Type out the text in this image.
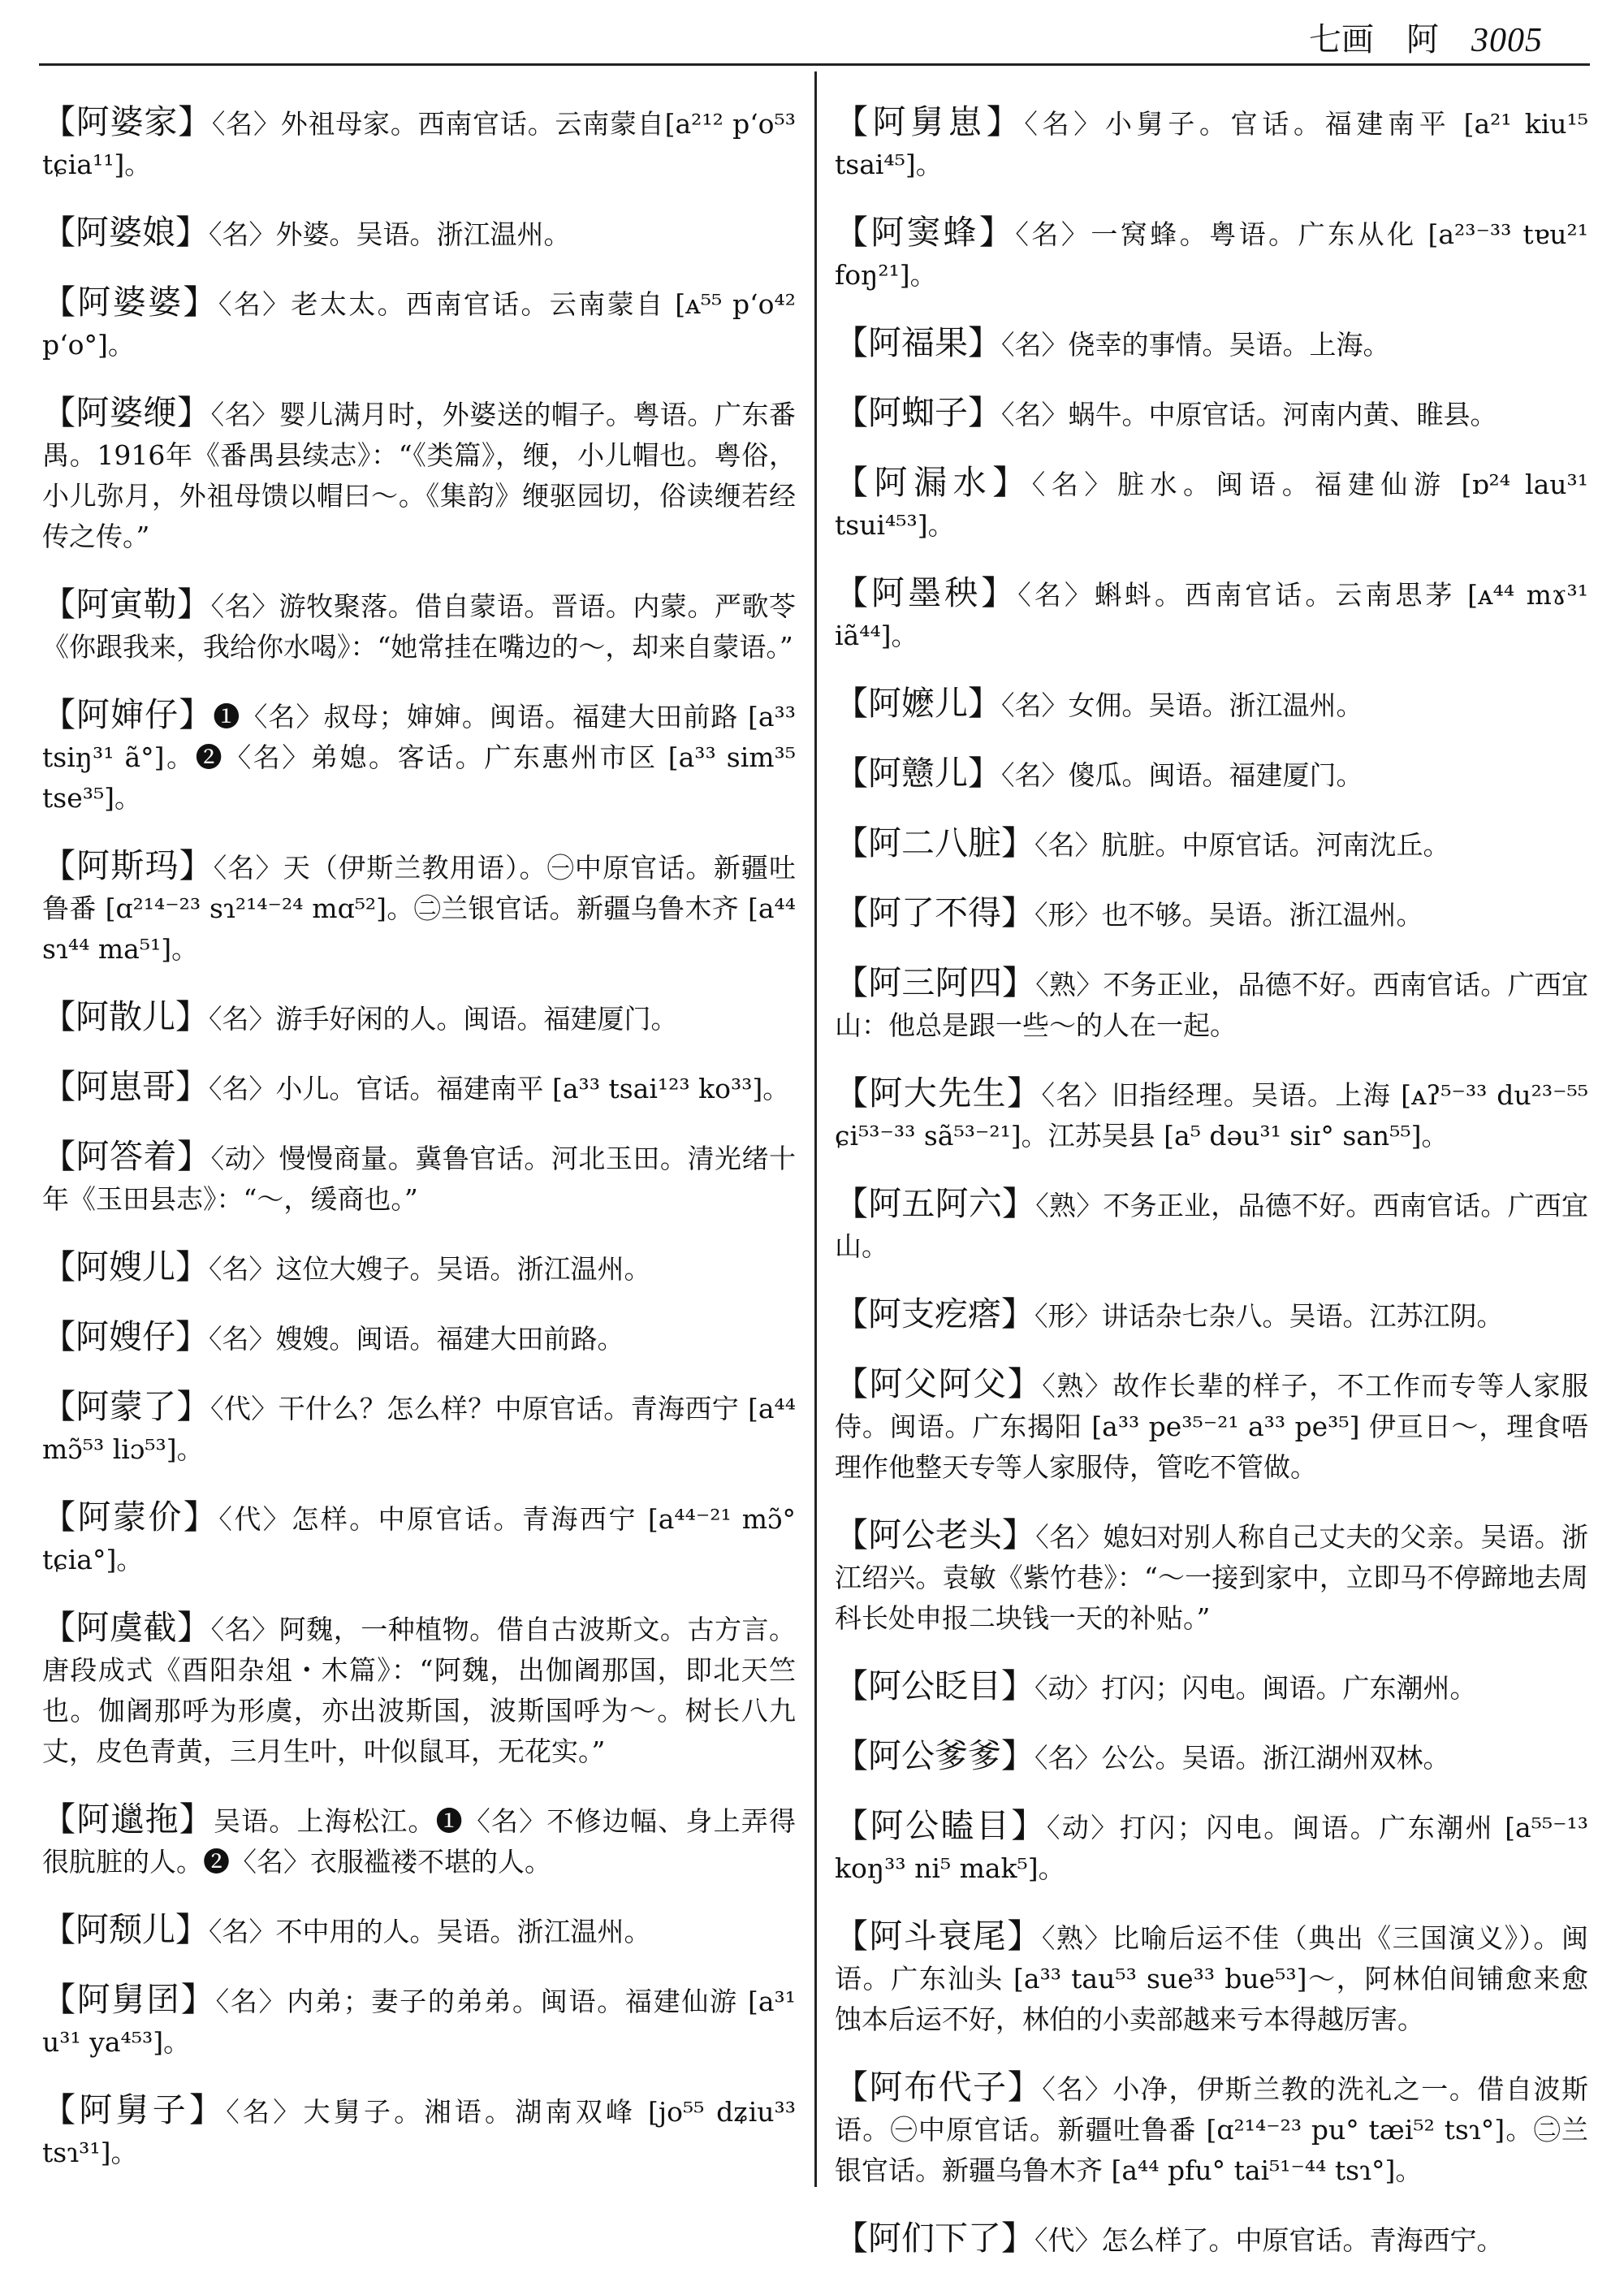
七画 阿 3005

【阿婆家】〈名〉外祖母家。西南官话。云南蒙自[a²¹² p‘o⁵³ tɕia¹¹]。

【阿婆娘】〈名〉外婆。吴语。浙江温州。

【阿婆婆】〈名〉老太太。西南官话。云南蒙自 [ᴀ⁵⁵ p‘o⁴² p‘o°]。

【阿婆缏】〈名〉婴儿满月时，外婆送的帽子。粤语。广东番禺。1916年《番禺县续志》：“《类篇》，缏，小儿帽也。粤俗，小儿弥月，外祖母馈以帽曰～。《集韵》缏驱园切，俗读缏若经传之传。”

【阿寅勒】〈名〉游牧聚落。借自蒙语。晋语。内蒙。严歌苓《你跟我来，我给你水喝》：“她常挂在嘴边的～，却来自蒙语。”

【阿婶仔】❶〈名〉叔母；婶婶。闽语。福建大田前路 [a³³ tsiŋ³¹ ã°]。❷〈名〉弟媳。客话。广东惠州市区 [a³³ sim³⁵ tse³⁵]。

【阿斯玛】〈名〉天（伊斯兰教用语）。㊀中原官话。新疆吐鲁番 [ɑ²¹⁴⁻²³ sɿ²¹⁴⁻²⁴ mɑ⁵²]。㊁兰银官话。新疆乌鲁木齐 [a⁴⁴ sɿ⁴⁴ ma⁵¹]。

【阿散儿】〈名〉游手好闲的人。闽语。福建厦门。

【阿崽哥】〈名〉小儿。官话。福建南平 [a³³ tsai¹²³ ko³³]。

【阿答着】〈动〉慢慢商量。冀鲁官话。河北玉田。清光绪十年《玉田县志》：“～，缓商也。”

【阿嫂儿】〈名〉这位大嫂子。吴语。浙江温州。

【阿嫂仔】〈名〉嫂嫂。闽语。福建大田前路。

【阿蒙了】〈代〉干什么？怎么样？中原官话。青海西宁 [a⁴⁴ mɔ̃⁵³ liɔ⁵³]。

【阿蒙价】〈代〉怎样。中原官话。青海西宁 [a⁴⁴⁻²¹ mɔ̃° tɕia°]。

【阿虞截】〈名〉阿魏，一种植物。借自古波斯文。古方言。唐段成式《酉阳杂俎・木篇》：“阿魏，出伽阇那国，即北天竺也。伽阇那呼为形虞，亦出波斯国，波斯国呼为～。树长八九丈，皮色青黄，三月生叶，叶似鼠耳，无花实。”

【阿邋拖】吴语。上海松江。❶〈名〉不修边幅、身上弄得很肮脏的人。❷〈名〉衣服褴褛不堪的人。

【阿颓儿】〈名〉不中用的人。吴语。浙江温州。

【阿舅囝】〈名〉内弟；妻子的弟弟。闽语。福建仙游 [a³¹ u³¹ ya⁴⁵³]。

【阿舅子】〈名〉大舅子。湘语。湖南双峰 [jo⁵⁵ dʑiu³³ tsɿ³¹]。

【阿舅崽】〈名〉小舅子。官话。福建南平 [a²¹ kiu¹⁵ tsai⁴⁵]。

【阿窦蜂】〈名〉一窝蜂。粤语。广东从化 [a²³⁻³³ tɐu²¹ foŋ²¹]。

【阿福果】〈名〉侥幸的事情。吴语。上海。

【阿蜘子】〈名〉蜗牛。中原官话。河南内黄、睢县。

【阿漏水】〈名〉脏水。闽语。福建仙游 [ɒ²⁴ lau³¹ tsui⁴⁵³]。

【阿墨秧】〈名〉蝌蚪。西南官话。云南思茅 [ᴀ⁴⁴ mɤ³¹ iã⁴⁴]。

【阿嬷儿】〈名〉女佣。吴语。浙江温州。

【阿戆儿】〈名〉傻瓜。闽语。福建厦门。

【阿二八脏】〈名〉肮脏。中原官话。河南沈丘。

【阿了不得】〈形〉也不够。吴语。浙江温州。

【阿三阿四】〈熟〉不务正业，品德不好。西南官话。广西宜山：他总是跟一些～的人在一起。

【阿大先生】〈名〉旧指经理。吴语。上海 [ᴀʔ⁵⁻³³ du²³⁻⁵⁵ ɕi⁵³⁻³³ sã⁵³⁻²¹]。江苏吴县 [a⁵ dəu³¹ siɪ° san⁵⁵]。

【阿五阿六】〈熟〉不务正业，品德不好。西南官话。广西宜山。

【阿支疙瘩】〈形〉讲话杂七杂八。吴语。江苏江阴。

【阿父阿父】〈熟〉故作长辈的样子，不工作而专等人家服侍。闽语。广东揭阳 [a³³ pe³⁵⁻²¹ a³³ pe³⁵] 伊亘日～，理食唔理作他整天专等人家服侍，管吃不管做。

【阿公老头】〈名〉媳妇对别人称自己丈夫的父亲。吴语。浙江绍兴。袁敏《紫竹巷》：“～一接到家中，立即马不停蹄地去周科长处申报二块钱一天的补贴。”

【阿公眨目】〈动〉打闪；闪电。闽语。广东潮州。

【阿公爹爹】〈名〉公公。吴语。浙江湖州双林。

【阿公瞌目】〈动〉打闪；闪电。闽语。广东潮州 [a⁵⁵⁻¹³ koŋ³³ ni⁵ mak⁵]。

【阿斗衰尾】〈熟〉比喻后运不佳（典出《三国演义》）。闽语。广东汕头 [a³³ tau⁵³ sue³³ bue⁵³]～，阿林伯间铺愈来愈蚀本后运不好，林伯的小卖部越来亏本得越厉害。

【阿布代子】〈名〉小净，伊斯兰教的洗礼之一。借自波斯语。㊀中原官话。新疆吐鲁番 [ɑ²¹⁴⁻²³ pu° tæi⁵² tsɿ°]。㊁兰银官话。新疆乌鲁木齐 [a⁴⁴ pfu° tai⁵¹⁻⁴⁴ tsɿ°]。

【阿们下了】〈代〉怎么样了。中原官话。青海西宁。
